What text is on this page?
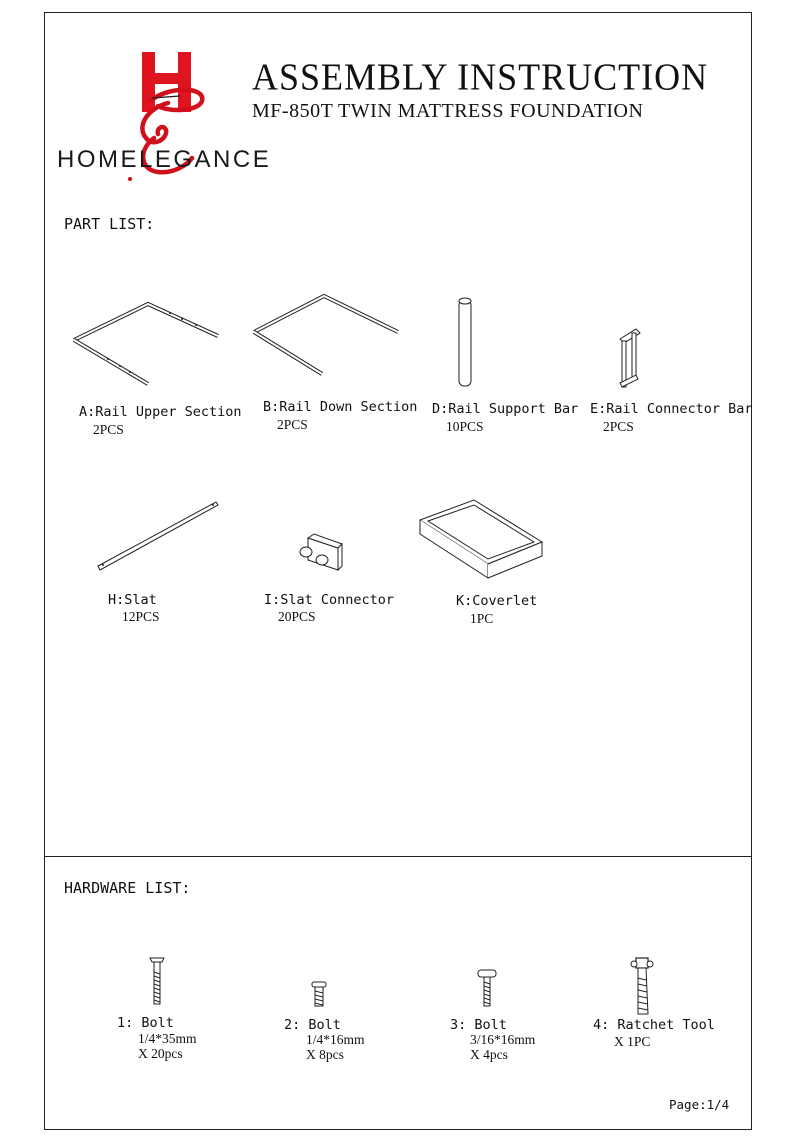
HOMELEGANCE
ASSEMBLY INSTRUCTION
MF-850T TWIN MATTRESS FOUNDATION
PART LIST:
A:Rail Upper Section
2PCS
B:Rail Down Section
2PCS
D:Rail Support Bar
10PCS
E:Rail Connector Bar
2PCS
H:Slat
12PCS
I:Slat Connector
20PCS
K:Coverlet
1PC
HARDWARE LIST:
1: Bolt
1/4*35mm
X 20pcs
2: Bolt
1/4*16mm
X 8pcs
3: Bolt
3/16*16mm
X 4pcs
4: Ratchet Tool
X 1PC
Page:1/4
